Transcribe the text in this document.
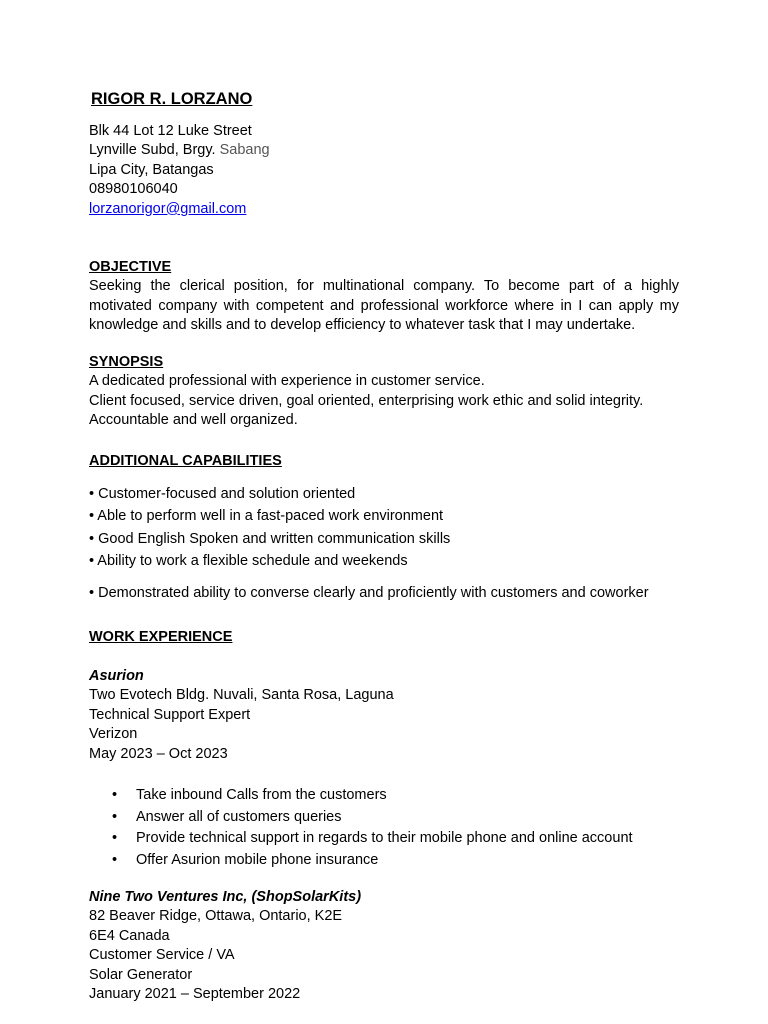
RIGOR R. LORZANO
Blk 44 Lot 12 Luke Street
Lynville Subd, Brgy. Sabang
Lipa City, Batangas
08980106040
lorzanorigor@gmail.com
OBJECTIVE
Seeking the clerical position, for multinational company. To become part of a highly motivated company with competent and professional workforce where in I can apply my knowledge and skills and to develop efficiency to whatever task that I may undertake.
SYNOPSIS
A dedicated professional with experience in customer service.
Client focused, service driven, goal oriented, enterprising work ethic and solid integrity.
Accountable and well organized.
ADDITIONAL CAPABILITIES
• Customer-focused and solution oriented
• Able to perform well in a fast-paced work environment
• Good English Spoken and written communication skills
• Ability to work a flexible schedule and weekends
• Demonstrated ability to converse clearly and proficiently with customers and coworker
WORK EXPERIENCE
Asurion
Two Evotech Bldg. Nuvali, Santa Rosa, Laguna
Technical Support Expert
Verizon
May 2023 – Oct 2023
• Take inbound Calls from the customers
• Answer all of customers queries
• Provide technical support in regards to their mobile phone and online account
• Offer Asurion mobile phone insurance
Nine Two Ventures Inc, (ShopSolarKits)
82 Beaver Ridge, Ottawa, Ontario, K2E
6E4 Canada
Customer Service / VA
Solar Generator
January 2021 – September 2022
